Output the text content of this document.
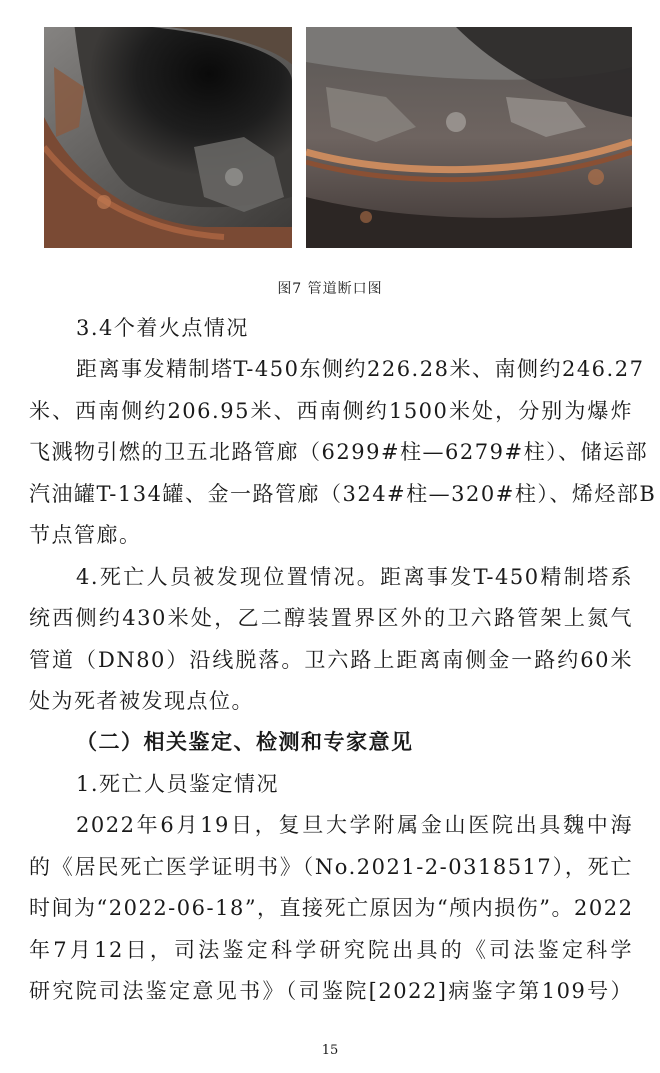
图7 管道断口图
3.4个着火点情况
距离事发精制塔T-450东侧约226.28米、南侧约246.27
米、西南侧约206.95米、西南侧约1500米处，分别为爆炸
飞溅物引燃的卫五北路管廊（6299#柱—6279#柱）、储运部
汽油罐T-134罐、金一路管廊（324#柱—320#柱）、烯烃部B
节点管廊。
4.死亡人员被发现位置情况。距离事发T-450精制塔系
统西侧约430米处，乙二醇装置界区外的卫六路管架上氮气
管道（DN80）沿线脱落。卫六路上距离南侧金一路约60米
处为死者被发现点位。
（二）相关鉴定、检测和专家意见
1.死亡人员鉴定情况
2022年6月19日，复旦大学附属金山医院出具魏中海
的《居民死亡医学证明书》（No.2021-2-0318517），死亡
时间为“2022-06-18”，直接死亡原因为“颅内损伤”。2022
年7月12日，司法鉴定科学研究院出具的《司法鉴定科学
研究院司法鉴定意见书》（司鉴院[2022]病鉴字第109号）
15
